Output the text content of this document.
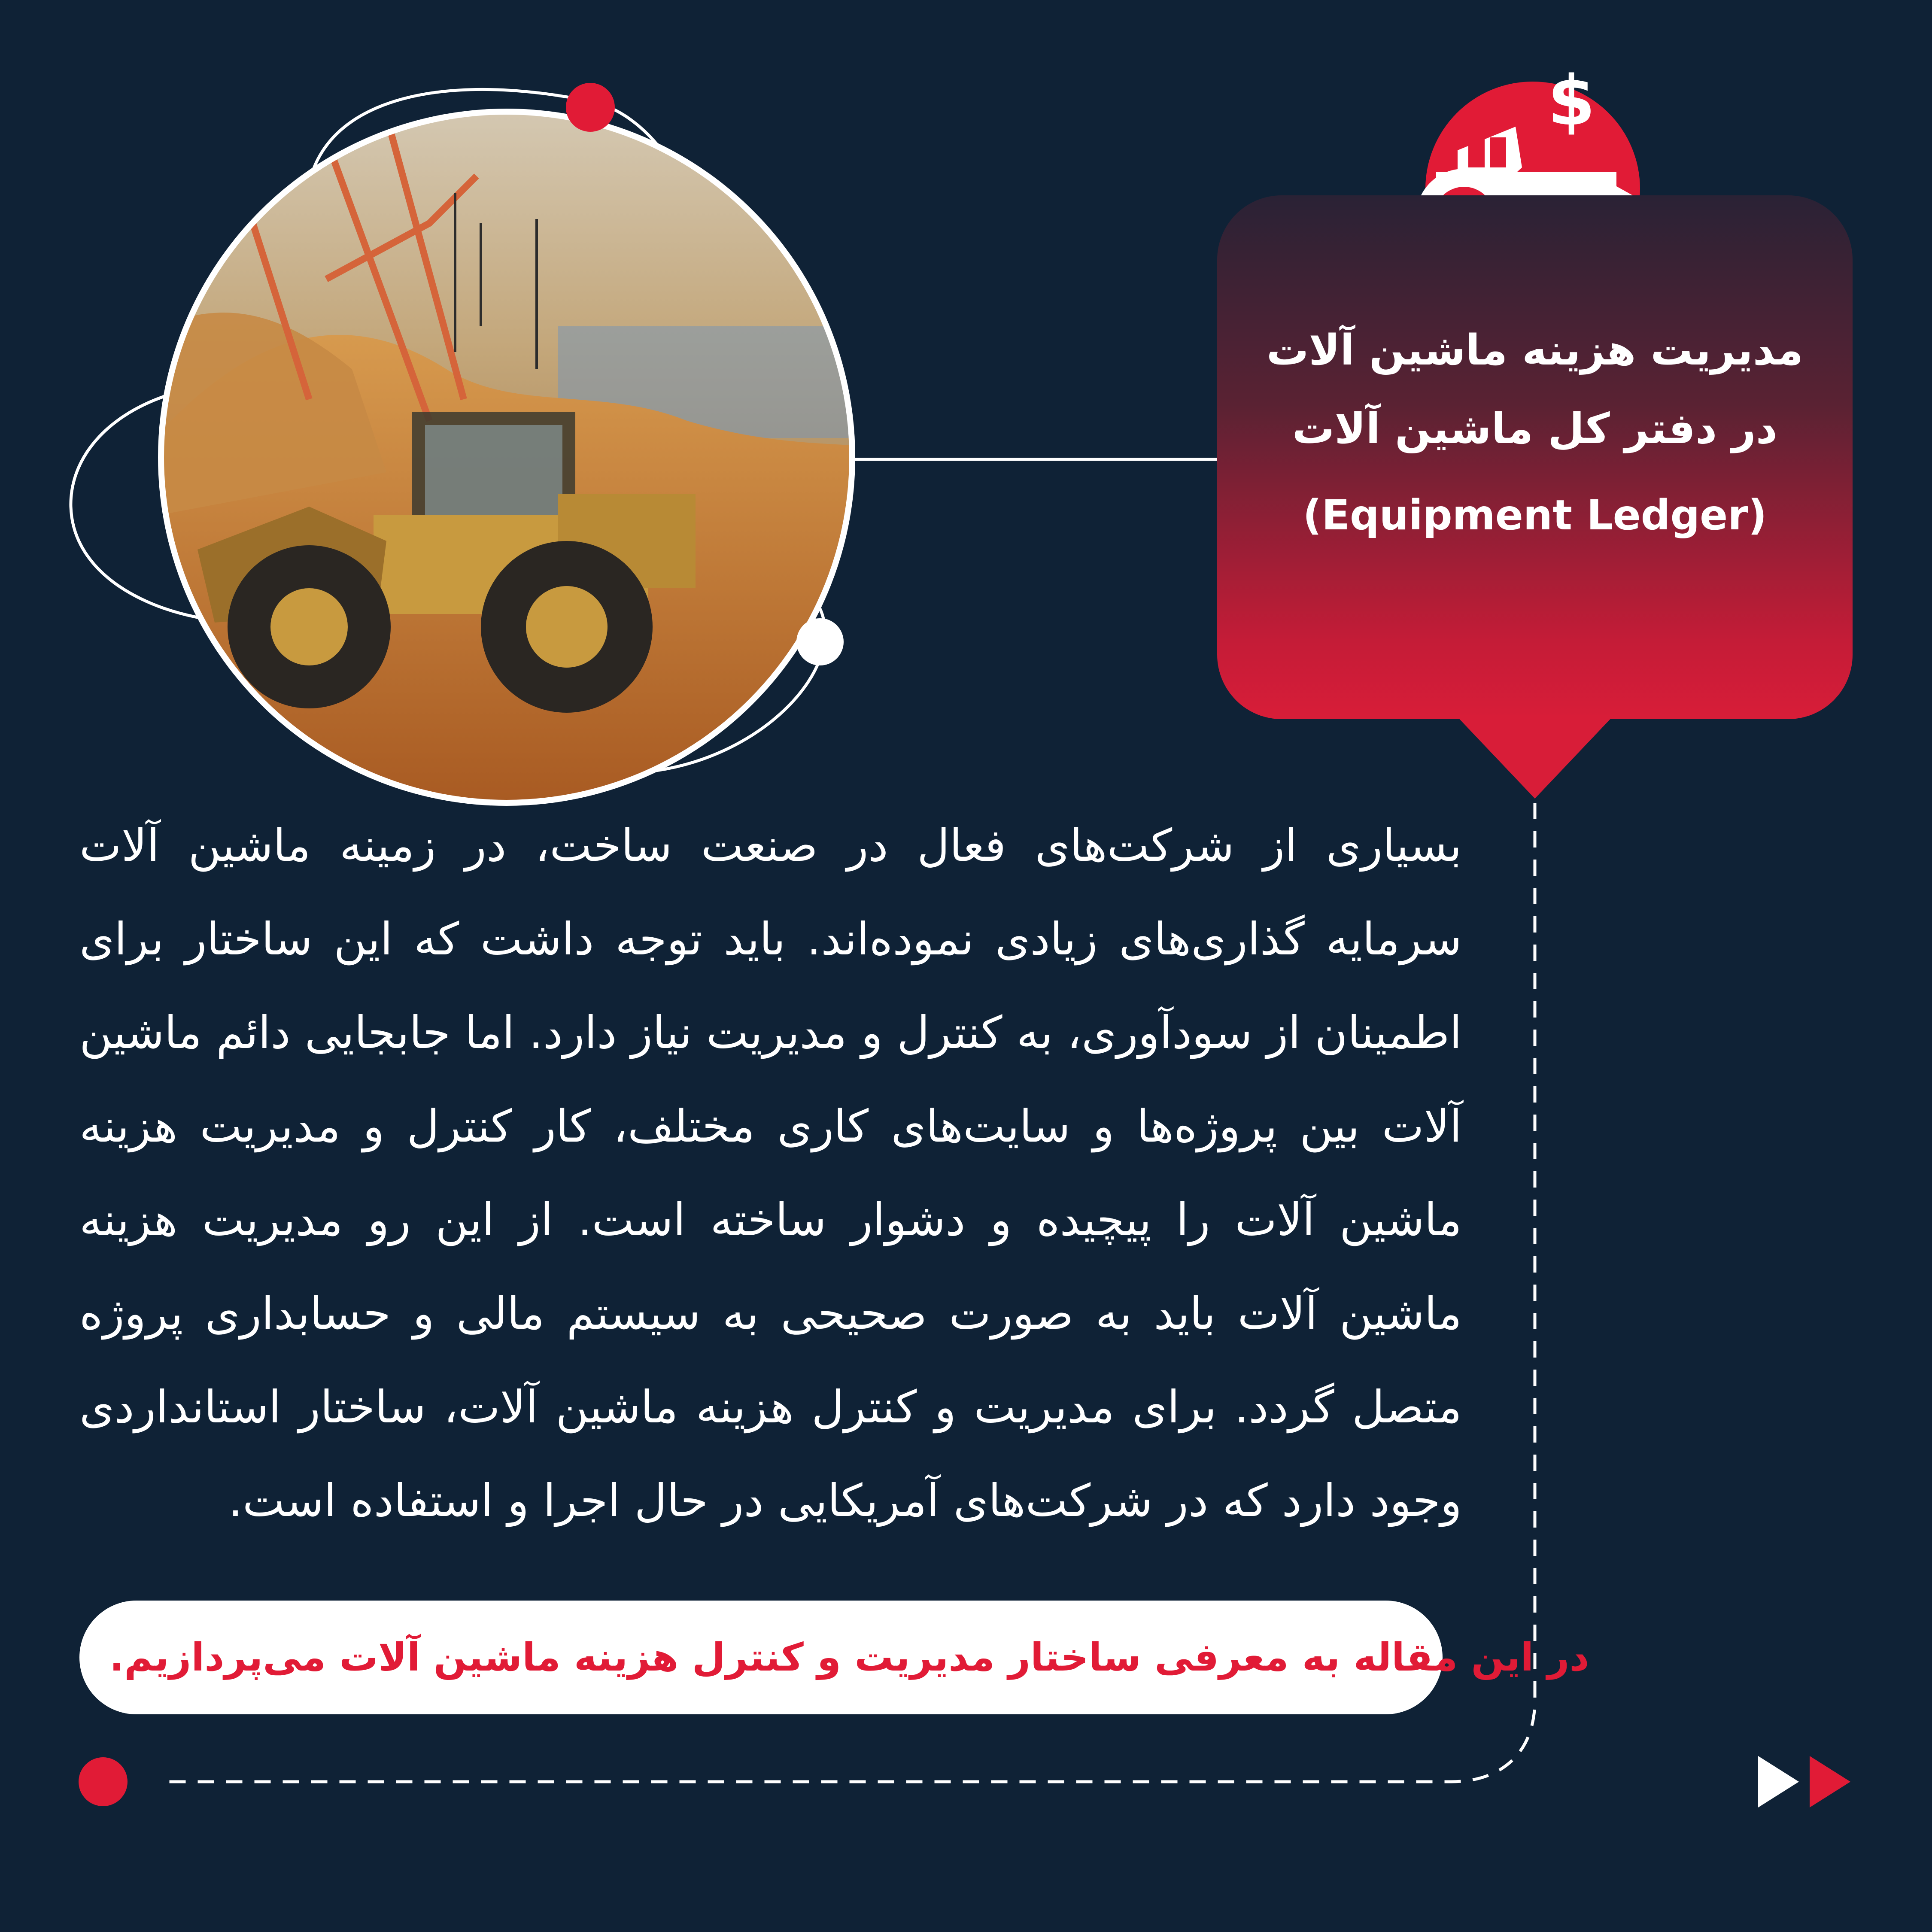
$
مدیریت هزینه ماشین آلات
در دفتر کل ماشین آلات
(Equipment Ledger)

بسیاری از شرکت‌های فعال در صنعت ساخت، در زمینه ماشین آلات سرمایه گذاری‌های زیادی نموده‌اند. باید توجه داشت که این ساختار برای اطمینان از سودآوری، به کنترل و مدیریت نیاز دارد. اما جابجایی دائم ماشین آلات بین پروژه‌ها و سایت‌های کاری مختلف، کار کنترل و مدیریت هزینه ماشین آلات را پیچیده و دشوار ساخته است. از این رو مدیریت هزینه ماشین آلات باید به صورت صحیحی به سیستم مالی و حسابداری پروژه متصل گردد. برای مدیریت و کنترل هزینه ماشین آلات، ساختار استانداردی وجود دارد که در شرکت‌های آمریکایی در حال اجرا و استفاده است.

در این مقاله به معرفی ساختار مدیریت و کنترل هزینه ماشین آلات می‌پردازیم.
